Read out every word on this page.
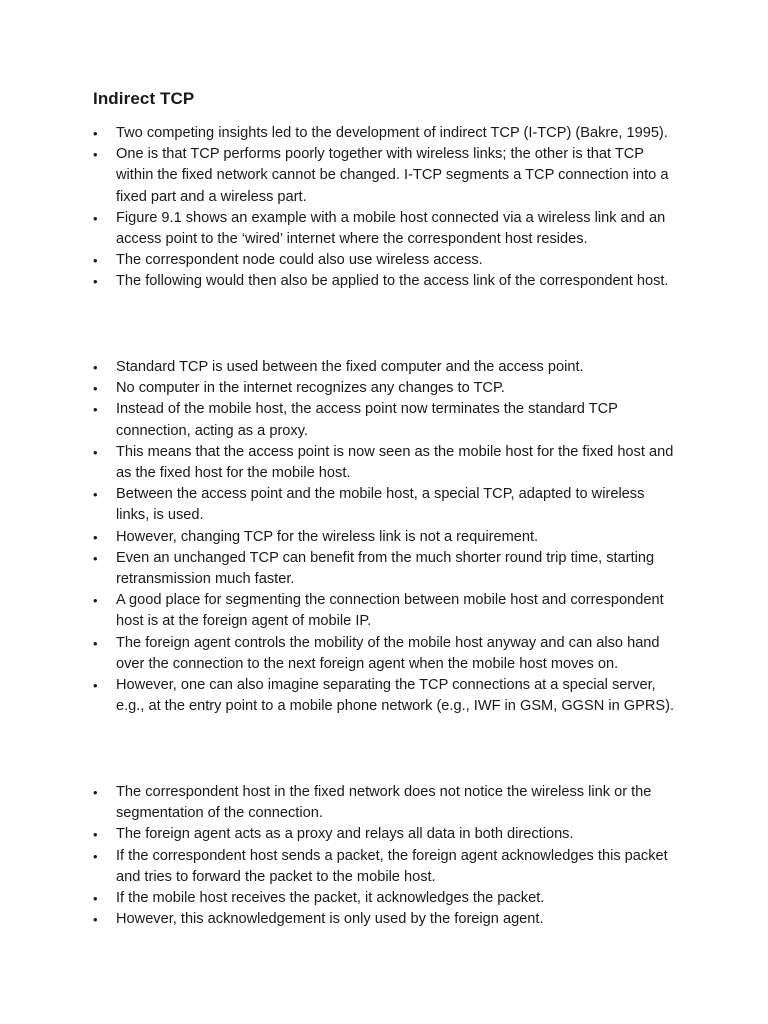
Indirect TCP
• Two competing insights led to the development of indirect TCP (I-TCP) (Bakre, 1995).
• One is that TCP performs poorly together with wireless links; the other is that TCP within the fixed network cannot be changed. I-TCP segments a TCP connection into a fixed part and a wireless part.
• Figure 9.1 shows an example with a mobile host connected via a wireless link and an access point to the ‘wired’ internet where the correspondent host resides.
• The correspondent node could also use wireless access.
• The following would then also be applied to the access link of the correspondent host.
• Standard TCP is used between the fixed computer and the access point.
• No computer in the internet recognizes any changes to TCP.
• Instead of the mobile host, the access point now terminates the standard TCP connection, acting as a proxy.
• This means that the access point is now seen as the mobile host for the fixed host and as the fixed host for the mobile host.
• Between the access point and the mobile host, a special TCP, adapted to wireless links, is used.
• However, changing TCP for the wireless link is not a requirement.
• Even an unchanged TCP can benefit from the much shorter round trip time, starting retransmission much faster.
• A good place for segmenting the connection between mobile host and correspondent host is at the foreign agent of mobile IP.
• The foreign agent controls the mobility of the mobile host anyway and can also hand over the connection to the next foreign agent when the mobile host moves on.
• However, one can also imagine separating the TCP connections at a special server, e.g., at the entry point to a mobile phone network (e.g., IWF in GSM, GGSN in GPRS).
• The correspondent host in the fixed network does not notice the wireless link or the segmentation of the connection.
• The foreign agent acts as a proxy and relays all data in both directions.
• If the correspondent host sends a packet, the foreign agent acknowledges this packet and tries to forward the packet to the mobile host.
• If the mobile host receives the packet, it acknowledges the packet.
• However, this acknowledgement is only used by the foreign agent.
